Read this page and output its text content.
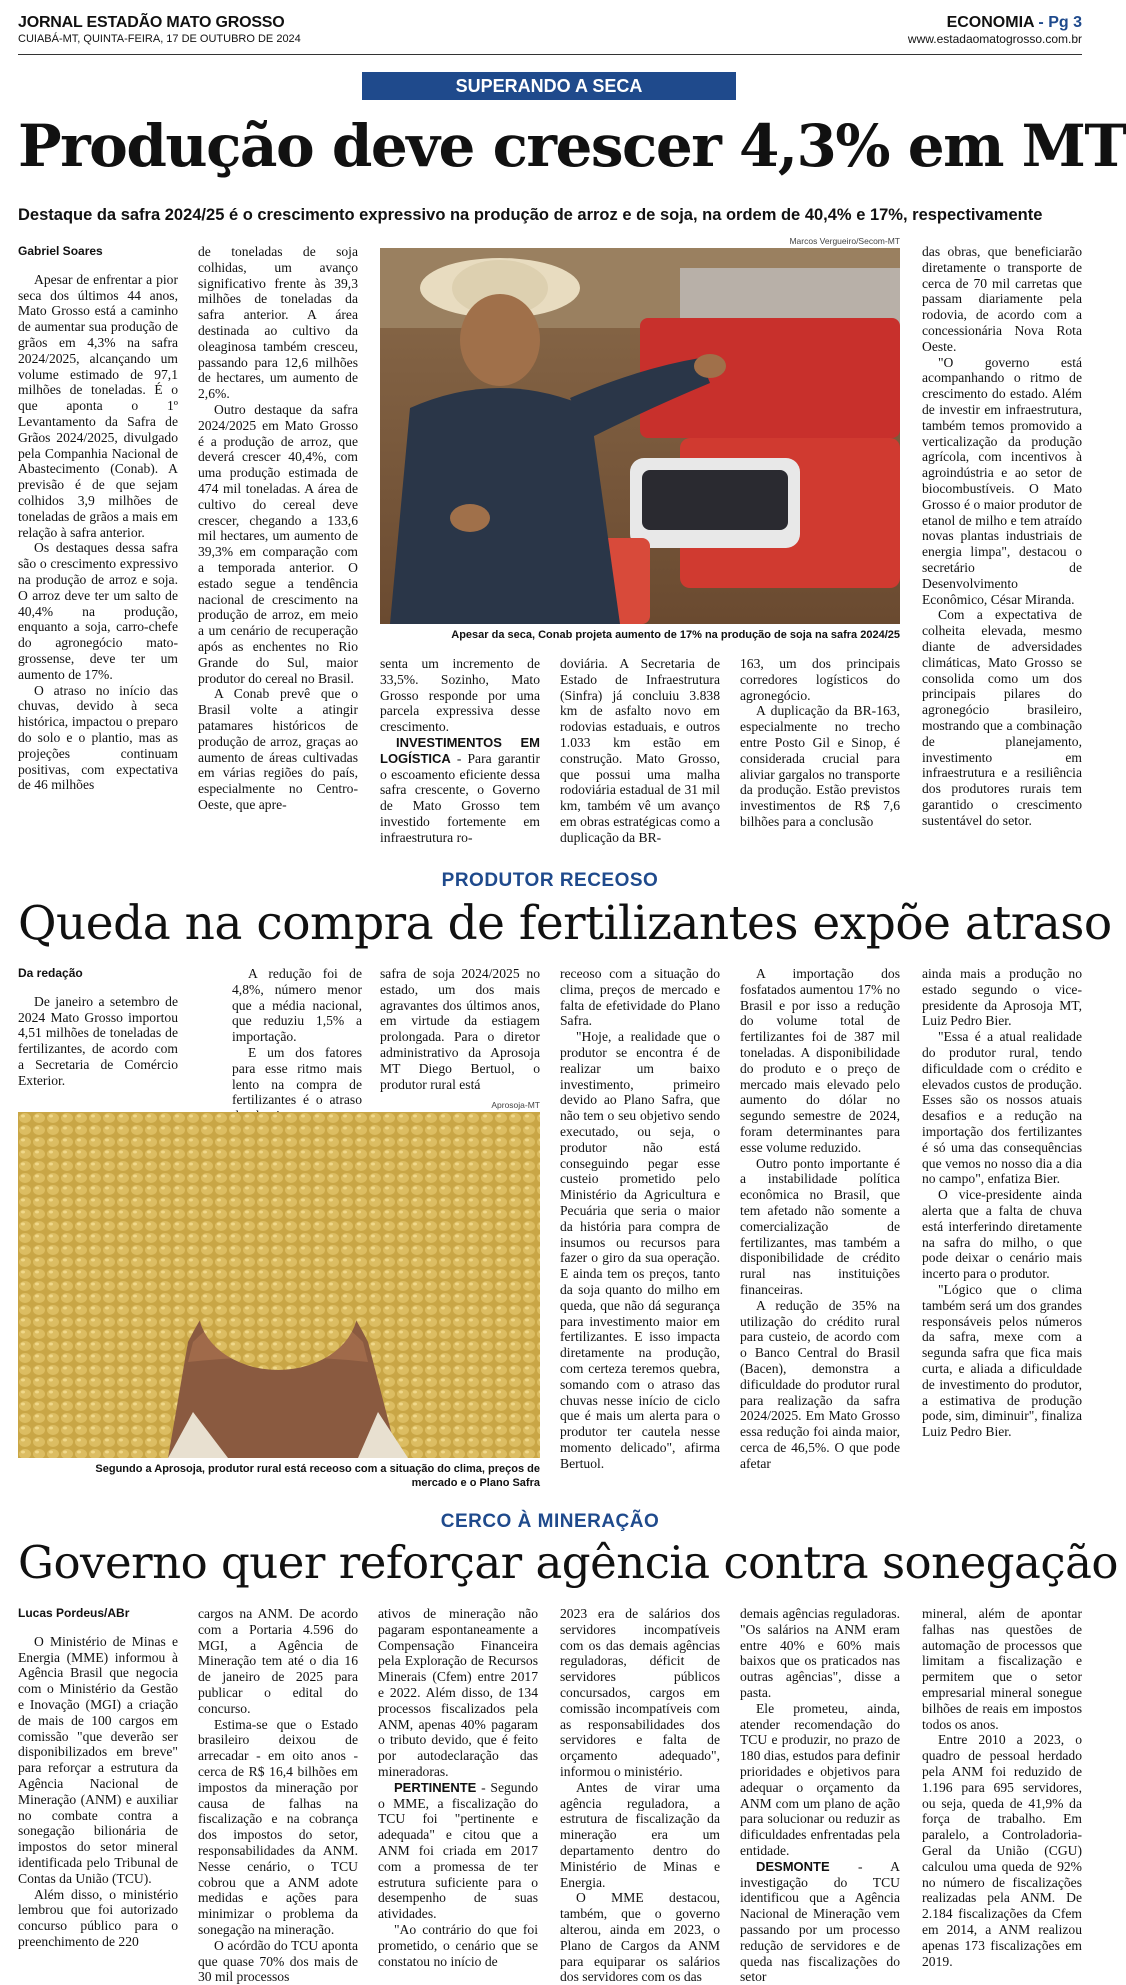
JORNAL ESTADÃO MATO GROSSO
CUIABÁ-MT, QUINTA-FEIRA, 17 DE OUTUBRO DE 2024
ECONOMIA - Pg 3
www.estadaomatogrosso.com.br
SUPERANDO A SECA
Produção deve crescer 4,3% em MT
Destaque da safra 2024/25 é o crescimento expressivo na produção de arroz e de soja, na ordem de 40,4% e 17%, respectivamente
Gabriel Soares

Apesar de enfrentar a pior seca dos últimos 44 anos, Mato Grosso está a caminho de aumentar sua produção de grãos em 4,3% na safra 2024/2025, alcançando um volume estimado de 97,1 milhões de toneladas. É o que aponta o 1º Levantamento da Safra de Grãos 2024/2025, divulgado pela Companhia Nacional de Abastecimento (Conab). A previsão é de que sejam colhidos 3,9 milhões de toneladas de grãos a mais em relação à safra anterior.

Os destaques dessa safra são o crescimento expressivo na produção de arroz e soja. O arroz deve ter um salto de 40,4% na produção, enquanto a soja, carro-chefe do agronegócio mato-grossense, deve ter um aumento de 17%.

O atraso no início das chuvas, devido à seca histórica, impactou o preparo do solo e o plantio, mas as projeções continuam positivas, com expectativa de 46 milhões

de toneladas de soja colhidas, um avanço significativo frente às 39,3 milhões de toneladas da safra anterior. A área destinada ao cultivo da oleaginosa também cresceu, passando para 12,6 milhões de hectares, um aumento de 2,6%.

Outro destaque da safra 2024/2025 em Mato Grosso é a produção de arroz, que deverá crescer 40,4%, com uma produção estimada de 474 mil toneladas. A área de cultivo do cereal deve crescer, chegando a 133,6 mil hectares, um aumento de 39,3% em comparação com a temporada anterior. O estado segue a tendência nacional de crescimento na produção de arroz, em meio a um cenário de recuperação após as enchentes no Rio Grande do Sul, maior produtor do cereal no Brasil.

A Conab prevê que o Brasil volte a atingir patamares históricos de produção de arroz, graças ao aumento de áreas cultivadas em várias regiões do país, especialmente no Centro-Oeste, que apre-

Marcos Vergueiro/Secom-MT
Apesar da seca, Conab projeta aumento de 17% na produção de soja na safra 2024/25

senta um incremento de 33,5%. Sozinho, Mato Grosso responde por uma parcela expressiva desse crescimento.

INVESTIMENTOS EM LOGÍSTICA - Para garantir o escoamento eficiente dessa safra crescente, o Governo de Mato Grosso tem investido fortemente em infraestrutura ro-

doviária. A Secretaria de Estado de Infraestrutura (Sinfra) já concluiu 3.838 km de asfalto novo em rodovias estaduais, e outros 1.033 km estão em construção. Mato Grosso, que possui uma malha rodoviária estadual de 31 mil km, também vê um avanço em obras estratégicas como a duplicação da BR-

163, um dos principais corredores logísticos do agronegócio.

A duplicação da BR-163, especialmente no trecho entre Posto Gil e Sinop, é considerada crucial para aliviar gargalos no transporte da produção. Estão previstos investimentos de R$ 7,6 bilhões para a conclusão

das obras, que beneficiarão diretamente o transporte de cerca de 70 mil carretas que passam diariamente pela rodovia, de acordo com a concessionária Nova Rota Oeste.

"O governo está acompanhando o ritmo de crescimento do estado. Além de investir em infraestrutura, também temos promovido a verticalização da produção agrícola, com incentivos à agroindústria e ao setor de biocombustíveis. O Mato Grosso é o maior produtor de etanol de milho e tem atraído novas plantas industriais de energia limpa", destacou o secretário de Desenvolvimento Econômico, César Miranda.

Com a expectativa de colheita elevada, mesmo diante de adversidades climáticas, Mato Grosso se consolida como um dos principais pilares do agronegócio brasileiro, mostrando que a combinação de planejamento, investimento em infraestrutura e a resiliência dos produtores rurais tem garantido o crescimento sustentável do setor.

PRODUTOR RECEOSO
Queda na compra de fertilizantes expõe atraso
Da redação

De janeiro a setembro de 2024 Mato Grosso importou 4,51 milhões de toneladas de fertilizantes, de acordo com a Secretaria de Comércio Exterior.

A redução foi de 4,8%, número menor que a média nacional, que reduziu 1,5% a importação.

E um dos fatores para esse ritmo mais lento na compra de fertilizantes é o atraso

safra de soja 2024/2025 no estado, um dos mais agravantes dos últimos anos, em virtude da estiagem prolongada. Para o diretor administrativo da Aprosoja MT Diego Bertuol, o produtor rural está

Aprosoja-MT
Segundo a Aprosoja, produtor rural está receoso com a situação do clima, preços de
mercado e o Plano Safra

receoso com a situação do clima, preços de mercado e falta de efetividade do Plano Safra.

"Hoje, a realidade que o produtor se encontra é de realizar um baixo investimento, primeiro devido ao Plano Safra, que não tem o seu objetivo sendo executado, ou seja, o produtor não está conseguindo pegar esse custeio prometido pelo Ministério da Agricultura e Pecuária que seria o maior da história para compra de insumos ou recursos para fazer o giro da sua operação. E ainda tem os preços, tanto da soja quanto do milho em queda, que não dá segurança para investimento maior em fertilizantes. E isso impacta diretamente na produção, com certeza teremos quebra, somando com o atraso das chuvas nesse início de ciclo que é mais um alerta para o produtor ter cautela nesse momento delicado", afirma Bertuol.

A importação dos fosfatados aumentou 17% no Brasil e por isso a redução do volume total de fertilizantes foi de 387 mil toneladas. A disponibilidade do produto e o preço de mercado mais elevado pelo aumento do dólar no segundo semestre de 2024, foram determinantes para esse volume reduzido.

Outro ponto importante é a instabilidade política econômica no Brasil, que tem afetado não somente a comercialização de fertilizantes, mas também a disponibilidade de crédito rural nas instituições financeiras.

A redução de 35% na utilização do crédito rural para custeio, de acordo com o Banco Central do Brasil (Bacen), demonstra a dificuldade do produtor rural para realização da safra 2024/2025. Em Mato Grosso essa redução foi ainda maior, cerca de 46,5%. O que pode afetar

ainda mais a produção no estado segundo o vice-presidente da Aprosoja MT, Luiz Pedro Bier.

"Essa é a atual realidade do produtor rural, tendo dificuldade com o crédito e elevados custos de produção. Esses são os nossos atuais desafios e a redução na importação dos fertilizantes é só uma das consequências que vemos no nosso dia a dia no campo", enfatiza Bier.

O vice-presidente ainda alerta que a falta de chuva está interferindo diretamente na safra do milho, o que pode deixar o cenário mais incerto para o produtor.

"Lógico que o clima também será um dos grandes responsáveis pelos números da safra, mexe com a segunda safra que fica mais curta, e aliada a dificuldade de investimento do produtor, a estimativa de produção pode, sim, diminuir", finaliza Luiz Pedro Bier.

CERCO À MINERAÇÃO
Governo quer reforçar agência contra sonegação
Lucas Pordeus/ABr

O Ministério de Minas e Energia (MME) informou à Agência Brasil que negocia com o Ministério da Gestão e Inovação (MGI) a criação de mais de 100 cargos em comissão "que deverão ser disponibilizados em breve" para reforçar a estrutura da Agência Nacional de Mineração (ANM) e auxiliar no combate contra a sonegação bilionária de impostos do setor mineral identificada pelo Tribunal de Contas da União (TCU).

Além disso, o ministério lembrou que foi autorizado concurso público para o preenchimento de 220

cargos na ANM. De acordo com a Portaria 4.596 do MGI, a Agência de Mineração tem até o dia 16 de janeiro de 2025 para publicar o edital do concurso.

Estima-se que o Estado brasileiro deixou de arrecadar - em oito anos - cerca de R$ 16,4 bilhões em impostos da mineração por causa de falhas na fiscalização e na cobrança dos impostos do setor, responsabilidades da ANM. Nesse cenário, o TCU cobrou que a ANM adote medidas e ações para minimizar o problema da sonegação na mineração.

O acórdão do TCU aponta que quase 70% dos mais de 30 mil processos

ativos de mineração não pagaram espontaneamente a Compensação Financeira pela Exploração de Recursos Minerais (Cfem) entre 2017 e 2022. Além disso, de 134 processos fiscalizados pela ANM, apenas 40% pagaram o tributo devido, que é feito por autodeclaração das mineradoras.

PERTINENTE - Segundo o MME, a fiscalização do TCU foi "pertinente e adequada" e citou que a ANM foi criada em 2017 com a promessa de ter estrutura suficiente para o desempenho de suas atividades.

"Ao contrário do que foi prometido, o cenário que se constatou no início de

2023 era de salários dos servidores incompatíveis com os das demais agências reguladoras, déficit de servidores públicos concursados, cargos em comissão incompatíveis com as responsabilidades dos servidores e falta de orçamento adequado", informou o ministério.

Antes de virar uma agência reguladora, a estrutura de fiscalização da mineração era um departamento dentro do Ministério de Minas e Energia.

O MME destacou, também, que o governo alterou, ainda em 2023, o Plano de Cargos da ANM para equiparar os salários dos servidores com os das

demais agências reguladoras. "Os salários na ANM eram entre 40% e 60% mais baixos que os praticados nas outras agências", disse a pasta.

Ele prometeu, ainda, atender recomendação do TCU e produzir, no prazo de 180 dias, estudos para definir prioridades e objetivos para adequar o orçamento da ANM com um plano de ação para solucionar ou reduzir as dificuldades enfrentadas pela entidade.

DESMONTE - A investigação do TCU identificou que a Agência Nacional de Mineração vem passando por um processo redução de servidores e de queda nas fiscalizações do setor

mineral, além de apontar falhas nas questões de automação de processos que limitam a fiscalização e permitem que o setor empresarial mineral sonegue bilhões de reais em impostos todos os anos.

Entre 2010 a 2023, o quadro de pessoal herdado pela ANM foi reduzido de 1.196 para 695 servidores, ou seja, queda de 41,9% da força de trabalho. Em paralelo, a Controladoria-Geral da União (CGU) calculou uma queda de 92% no número de fiscalizações realizadas pela ANM. De 2.184 fiscalizações da Cfem em 2014, a ANM realizou apenas 173 fiscalizações em 2019.
